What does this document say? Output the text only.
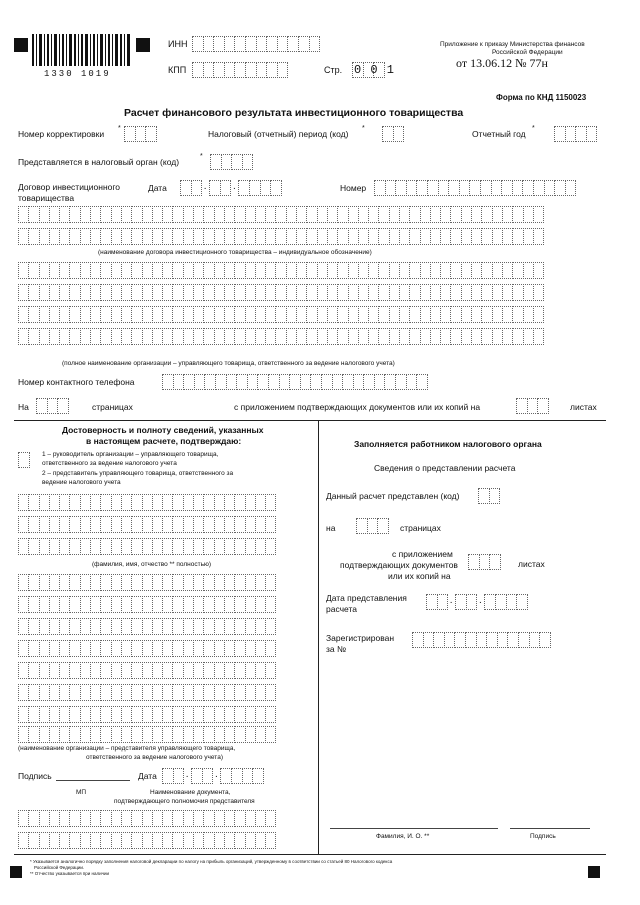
1330 1019
ИНН
КПП	Стр. 0 0 1
Приложение к приказу Министерства финансов
Российской Федерации
от 13.06.12 № 77н
Форма по КНД 1150023
Расчет финансового результата инвестиционного товарищества
Номер корректировки
*
Налоговый (отчетный) период (код)
*
Отчетный год
*
Представляется в налоговый орган (код)
*
Договор инвестиционного
товарищества
Дата	.	.	Номер
(наименование договора инвестиционного товарищества – индивидуальное обозначение)
(полное наименование организации – управляющего товарища, ответственного за ведение налогового учета)
Номер контактного телефона
На	страницах	с приложением подтверждающих документов или их копий на	листах
Достоверность и полноту сведений, указанных
в настоящем расчете, подтверждаю:
1 – руководитель организации – управляющего товарища,
ответственного за ведение налогового учета
2 – представитель управляющего товарища, ответственного за
ведение налогового учета
(фамилия, имя, отчество ** полностью)
(наименование организации – представителя управляющего товарища,
ответственного за ведение налогового учета)
Подпись	Дата	.	.
МП	Наименование документа,
подтверждающего полномочия представителя
Заполняется работником налогового органа
Сведения о представлении расчета
Данный расчет представлен (код)
на	страницах
с приложением
подтверждающих документов
или их копий на
листах
Дата представления
расчета
.	.
Зарегистрирован
за №
Фамилия, И. О. **	Подпись
* Указывается аналогично порядку заполнения налоговой декларации по налогу на прибыль организаций, утвержденному в соответствии со статьей 80 Налогового кодекса
Российской Федерации.
** Отчество указывается при наличии
